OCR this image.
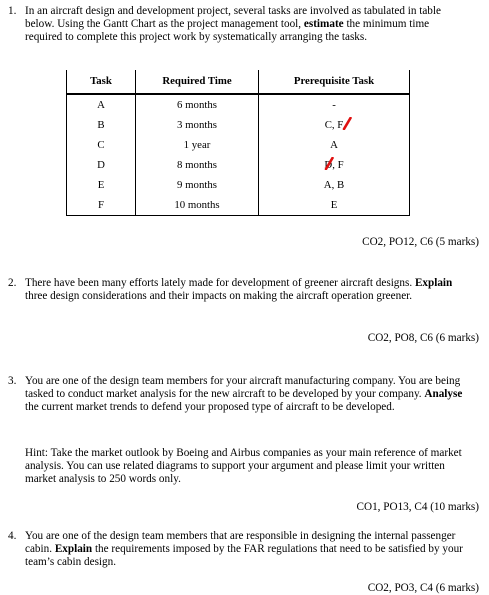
1. In an aircraft design and development project, several tasks are involved as tabulated in table below. Using the Gantt Chart as the project management tool, estimate the minimum time required to complete this project work by systematically arranging the tasks.
Task	Required Time	Prerequisite Task
A	6 months	-
B	3 months	C, F

C	1 year	A
D	8 months	D, F

E	9 months	A, B
F	10 months	E
CO2, PO12, C6 (5 marks)
2. There have been many efforts lately made for development of greener aircraft designs. Explain three design considerations and their impacts on making the aircraft operation greener.
CO2, PO8, C6 (6 marks)
3. You are one of the design team members for your aircraft manufacturing company. You are being tasked to conduct market analysis for the new aircraft to be developed by your company. Analyse the current market trends to defend your proposed type of aircraft to be developed.
Hint: Take the market outlook by Boeing and Airbus companies as your main reference of market analysis. You can use related diagrams to support your argument and please limit your written market analysis to 250 words only.
CO1, PO13, C4 (10 marks)
4. You are one of the design team members that are responsible in designing the internal passenger cabin. Explain the requirements imposed by the FAR regulations that need to be satisfied by your team’s cabin design.
CO2, PO3, C4 (6 marks)
